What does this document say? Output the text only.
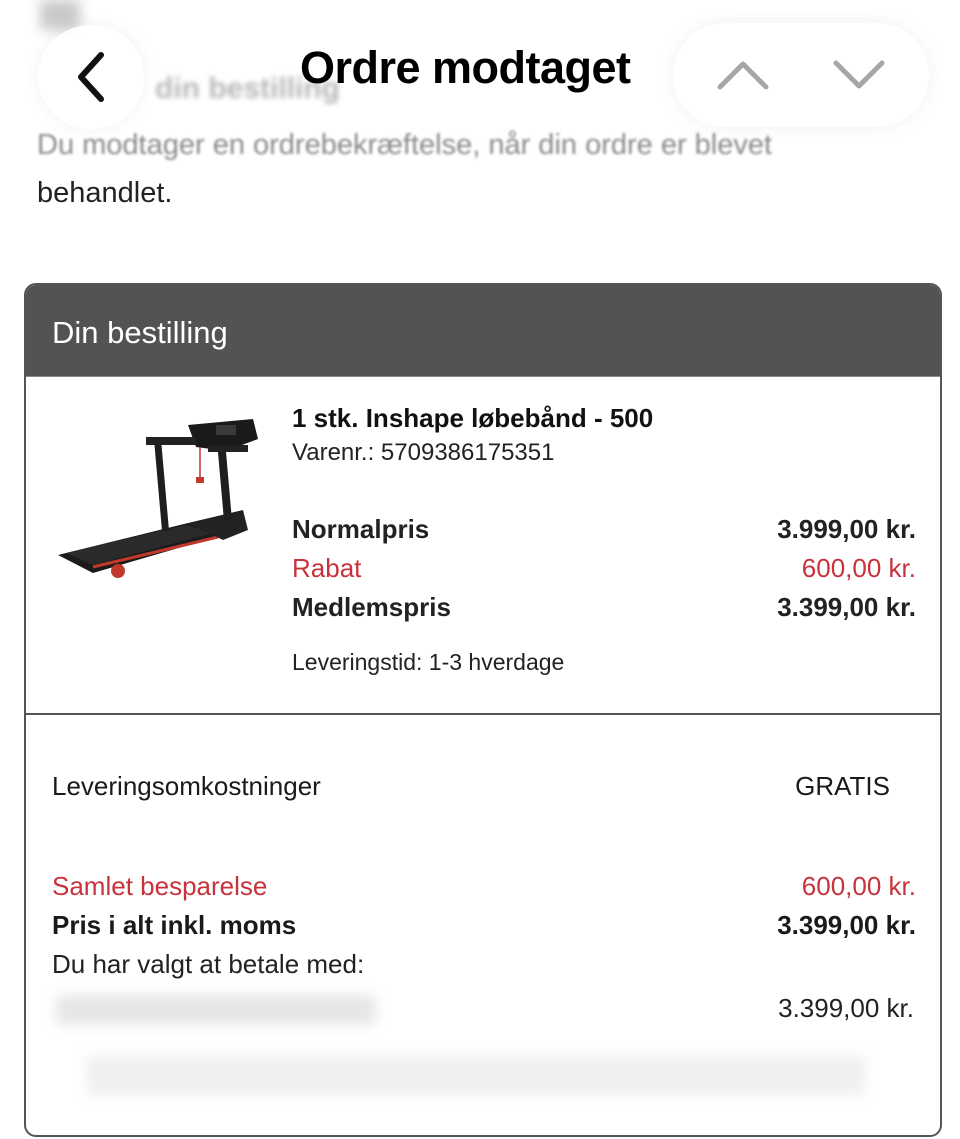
din bestilling
Du modtager en ordrebekræftelse, når din ordre er blevet
behandlet.
Ordre modtaget
Din bestilling
1 stk. Inshape løbebånd - 500
Varenr.: 5709386175351
Normalpris	3.999,00 kr.
Rabat	600,00 kr.
Medlemspris	3.399,00 kr.
Leveringstid: 1-3 hverdage
Leveringsomkostninger	GRATIS
Samlet besparelse	600,00 kr.
Pris i alt inkl. moms	3.399,00 kr.
Du har valgt at betale med:
3.399,00 kr.
